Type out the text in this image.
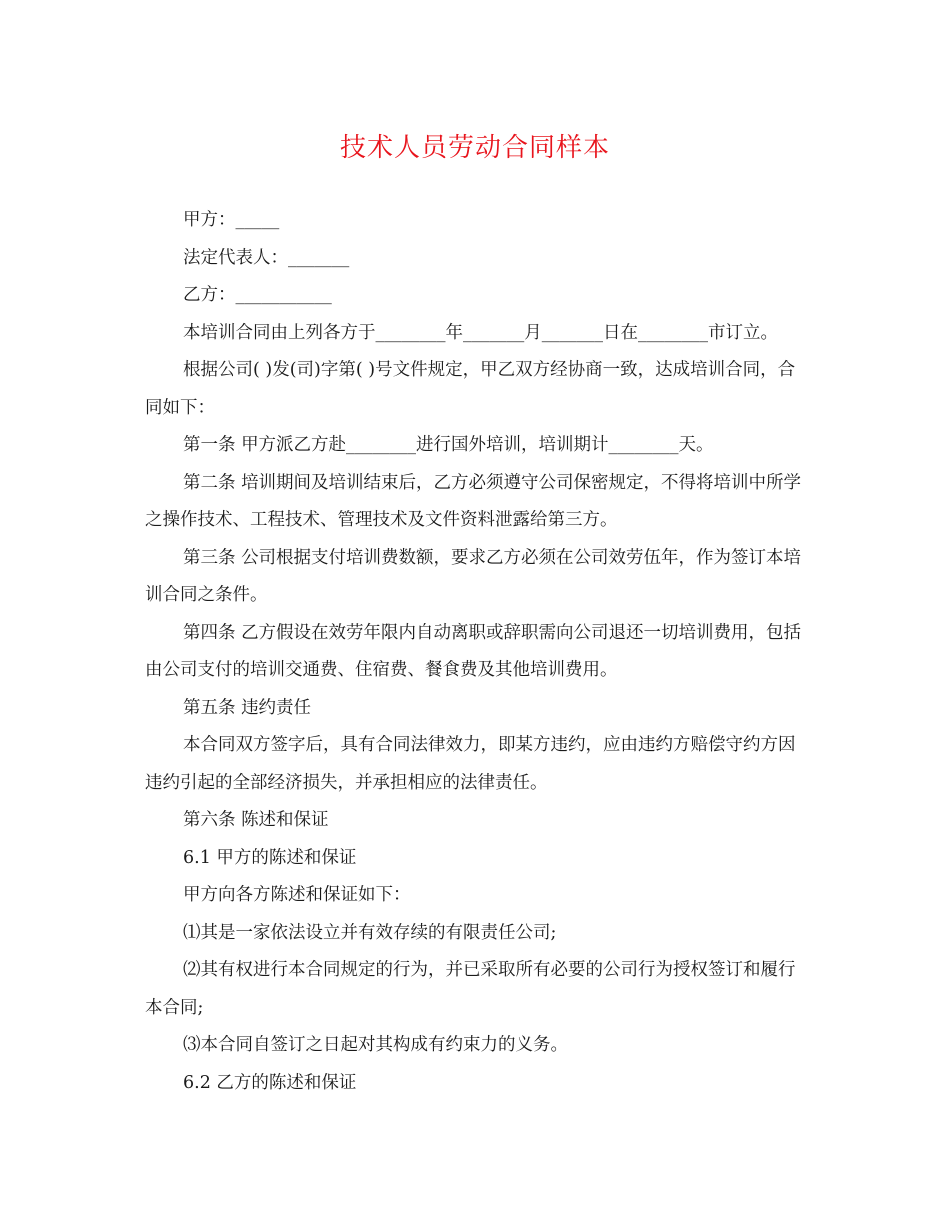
技术人员劳动合同样本

甲方：_____

法定代表人：_______

乙方：___________

本培训合同由上列各方于________年_______月_______日在________市订立。

根据公司( )发(司)字第( )号文件规定，甲乙双方经协商一致，达成培训合同，合同如下：

第一条 甲方派乙方赴________进行国外培训，培训期计________天。

第二条 培训期间及培训结束后，乙方必须遵守公司保密规定，不得将培训中所学之操作技术、工程技术、管理技术及文件资料泄露给第三方。

第三条 公司根据支付培训费数额，要求乙方必须在公司效劳伍年，作为签订本培训合同之条件。

第四条 乙方假设在效劳年限内自动离职或辞职需向公司退还一切培训费用，包括由公司支付的培训交通费、住宿费、餐食费及其他培训费用。

第五条 违约责任

本合同双方签字后，具有合同法律效力，即某方违约，应由违约方赔偿守约方因违约引起的全部经济损失，并承担相应的法律责任。

第六条 陈述和保证

6.1 甲方的陈述和保证

甲方向各方陈述和保证如下：

⑴其是一家依法设立并有效存续的有限责任公司;

⑵其有权进行本合同规定的行为，并已采取所有必要的公司行为授权签订和履行本合同;

⑶本合同自签订之日起对其构成有约束力的义务。

6.2 乙方的陈述和保证
